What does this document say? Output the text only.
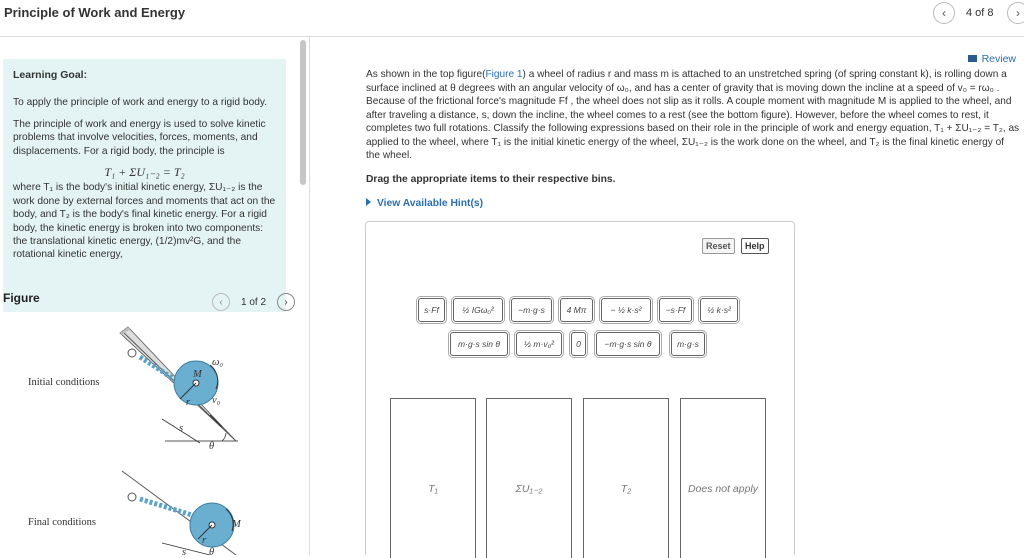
Principle of Work and Energy	‹	4 of 8	›

Learning Goal:

To apply the principle of work and energy to a rigid body.

The principle of work and energy is used to solve kinetic problems that involve velocities, forces, moments, and displacements. For a rigid body, the principle is

T₁ + ΣU₁₋₂ = T₂

where T₁ is the body's initial kinetic energy, ΣU₁₋₂ is the work done by external forces and moments that act on the body, and T₂ is the body's final kinetic energy. For a rigid body, the kinetic energy is broken into two components: the translational kinetic energy, (1/2)mv²G, and the rotational kinetic energy,

Figure	‹	1 of 2	›
Initial conditions
M
ω₀
v₀
r
s
θ
Final conditions	M
r
s θ
Review
As shown in the top figure(Figure 1) a wheel of radius r and mass m is attached to an unstretched spring (of spring constant k), is rolling down a surface inclined at θ degrees with an angular velocity of ω₀, and has a center of gravity that is moving down the incline at a speed of v₀ = rω₀ . Because of the frictional force's magnitude Ff , the wheel does not slip as it rolls. A couple moment with magnitude M is applied to the wheel, and after traveling a distance, s, down the incline, the wheel comes to a rest (see the bottom figure). However, before the wheel comes to rest, it completes two full rotations. Classify the following expressions based on their role in the principle of work and energy equation, T₁ + ΣU₁₋₂ = T₂, as applied to the wheel, where T₁ is the initial kinetic energy of the wheel, ΣU₁₋₂ is the work done on the wheel, and T₂ is the final kinetic energy of the wheel.
Drag the appropriate items to their respective bins.
View Available Hint(s)
Reset	Help
s·Ff	½ IGω₀²	−m·g·s	4 Mπ	− ½ k·s²	−s·Ff	½ k·s²
m·g·s sin θ	½ m·v₀²	0	−m·g·s sin θ	m·g·s
T₁	ΣU₁₋₂	T₂	Does not apply
